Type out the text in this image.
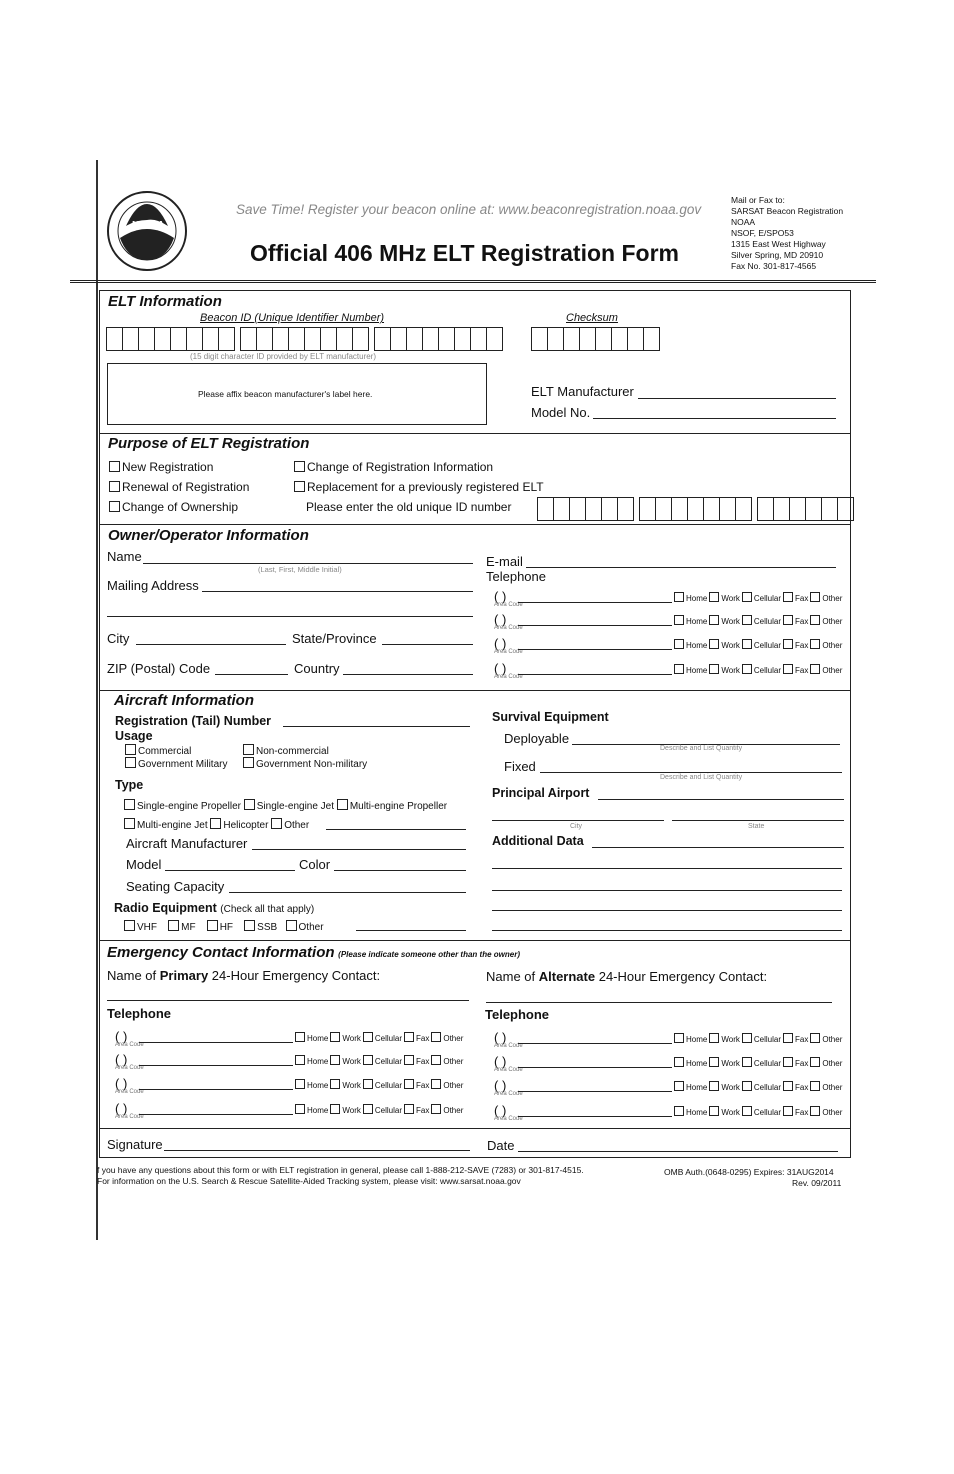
NOAA
Save Time! Register your beacon online at: www.beaconregistration.noaa.gov
Official 406 MHz ELT Registration Form
Mail or Fax to:
SARSAT Beacon Registration
NOAA
NSOF, E/SPO53
1315 East West Highway
Silver Spring, MD 20910
Fax No. 301-817-4565
ELT Information
Beacon ID (Unique Identifier Number)
(15 digit character ID provided by ELT manufacturer)
Checksum
Please affix beacon manufacturer's label here.	ELT Manufacturer
Model No.
Purpose of ELT Registration
New Registration
Renewal of Registration
Change of Ownership
Change of Registration Information
Replacement for a previously registered ELT
Please enter the old unique ID number
Owner/Operator Information
Name
(Last, First, Middle Initial)
Mailing Address
City	State/Province
ZIP (Postal) Code	Country
E-mail
Telephone
( )
Area Code
Home Work Cellular Fax Other
( )
Area Code
Home Work Cellular Fax Other
( )
Area Code
Home Work Cellular Fax Other
( )
Area Code
Home Work Cellular Fax Other
Aircraft Information
Registration (Tail) Number
Usage
Commercial	Non-commercial
Government Military	Government Non-military
Type
Single-engine Propeller Single-engine Jet Multi-engine Propeller
Multi-engine Jet Helicopter Other
Aircraft Manufacturer
Model	Color
Seating Capacity
Radio Equipment (Check all that apply)
VHF MF HF SSB Other
Survival Equipment
Deployable
Describe and List Quantity
Fixed
Describe and List Quantity
Principal Airport
City	State
Additional Data
Emergency Contact Information (Please indicate someone other than the owner)
Name of Primary 24-Hour Emergency Contact:	Name of Alternate 24-Hour Emergency Contact:
Telephone	Telephone
( )
Area Code
Home Work Cellular Fax Other
( )
Area Code
Home Work Cellular Fax Other
( )
Area Code
Home Work Cellular Fax Other
( )
Area Code
Home Work Cellular Fax Other
( )
Area Code
Home Work Cellular Fax Other
( )
Area Code
Home Work Cellular Fax Other
( )
Area Code
Home Work Cellular Fax Other
( )
Area Code
Home Work Cellular Fax Other
Signature	Date
f you have any questions about this form or with ELT registration in general, please call 1-888-212-SAVE (7283) or 301-817-4515.
For information on the U.S. Search & Rescue Satellite-Aided Tracking system, please visit: www.sarsat.noaa.gov
OMB Auth.(0648-0295) Expires: 31AUG2014
Rev. 09/2011
